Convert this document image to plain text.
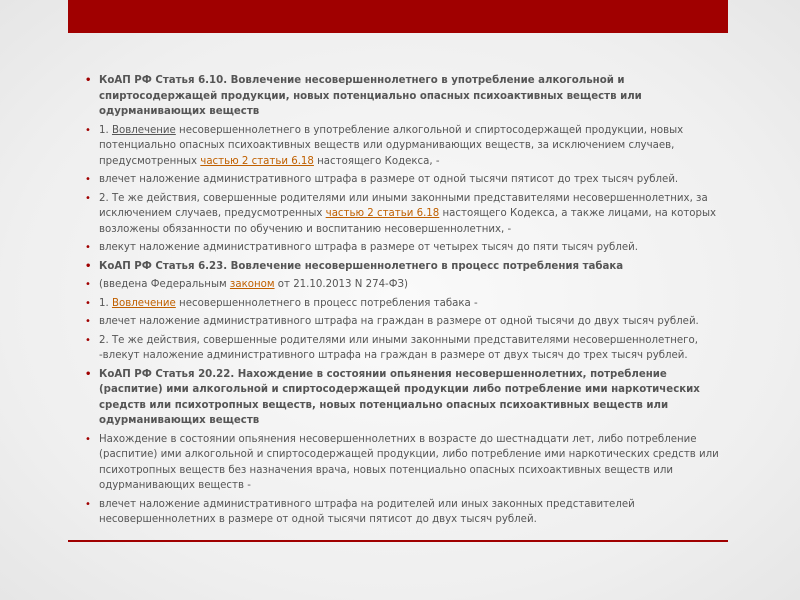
• КоАП РФ Статья 6.10. Вовлечение несовершеннолетнего в употребление алкогольной и спиртосодержащей продукции, новых потенциально опасных психоактивных веществ или одурманивающих веществ
• 1. Вовлечение несовершеннолетнего в употребление алкогольной и спиртосодержащей продукции, новых потенциально опасных психоактивных веществ или одурманивающих веществ, за исключением случаев, предусмотренных частью 2 статьи 6.18 настоящего Кодекса, -
• влечет наложение административного штрафа в размере от одной тысячи пятисот до трех тысяч рублей.
• 2. Те же действия, совершенные родителями или иными законными представителями несовершеннолетних, за исключением случаев, предусмотренных частью 2 статьи 6.18 настоящего Кодекса, а также лицами, на которых возложены обязанности по обучению и воспитанию несовершеннолетних, -
• влекут наложение административного штрафа в размере от четырех тысяч до пяти тысяч рублей.
• КоАП РФ Статья 6.23. Вовлечение несовершеннолетнего в процесс потребления табака
• (введена Федеральным законом от 21.10.2013 N 274-ФЗ)
• 1. Вовлечение несовершеннолетнего в процесс потребления табака -
• влечет наложение административного штрафа на граждан в размере от одной тысячи до двух тысяч рублей.
• 2. Те же действия, совершенные родителями или иными законными представителями несовершеннолетнего, -влекут наложение административного штрафа на граждан в размере от двух тысяч до трех тысяч рублей.
• КоАП РФ Статья 20.22. Нахождение в состоянии опьянения несовершеннолетних, потребление (распитие) ими алкогольной и спиртосодержащей продукции либо потребление ими наркотических средств или психотропных веществ, новых потенциально опасных психоактивных веществ или одурманивающих веществ
• Нахождение в состоянии опьянения несовершеннолетних в возрасте до шестнадцати лет, либо потребление (распитие) ими алкогольной и спиртосодержащей продукции, либо потребление ими наркотических средств или психотропных веществ без назначения врача, новых потенциально опасных психоактивных веществ или одурманивающих веществ -
• влечет наложение административного штрафа на родителей или иных законных представителей несовершеннолетних в размере от одной тысячи пятисот до двух тысяч рублей.
